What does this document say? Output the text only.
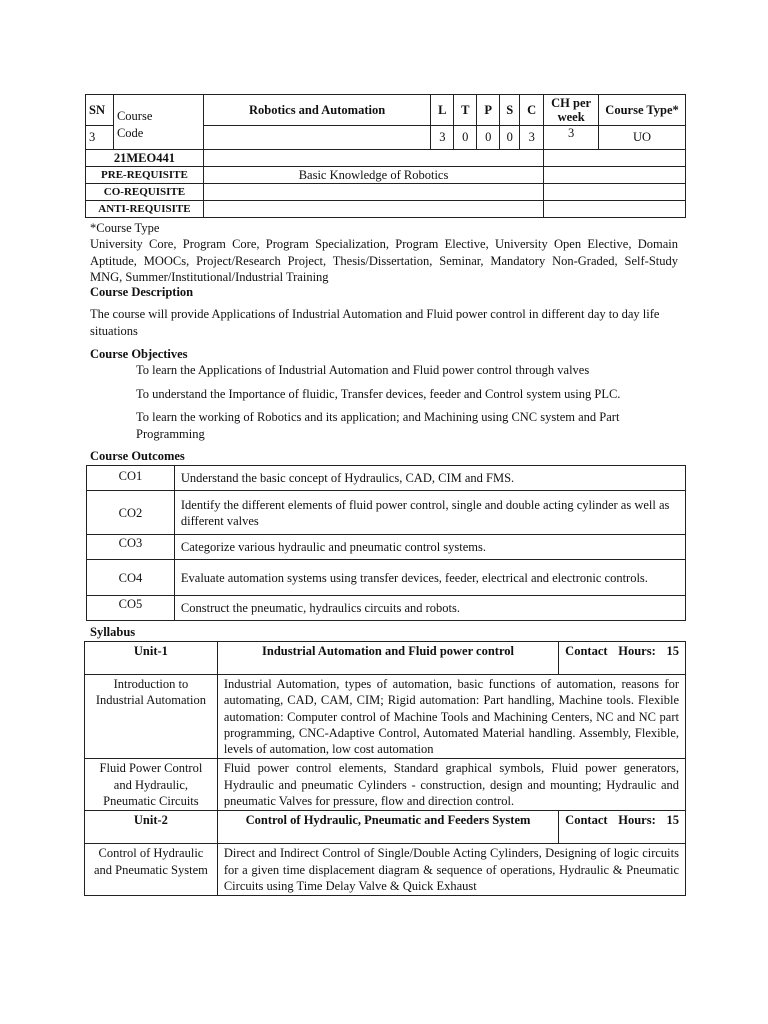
SN	Course Code	Robotics and Automation	L	T	P	S	C	CH per week	Course Type*
3			3	0	0	0	3	3	UO
21MEO441									
PRE-REQUISITE		Basic Knowledge of Robotics							
CO-REQUISITE									
ANTI-REQUISITE									
*Course Type
University Core, Program Core, Program Specialization, Program Elective, University Open Elective, Domain Aptitude, MOOCs, Project/Research Project, Thesis/Dissertation, Seminar, Mandatory Non-Graded, Self-Study MNG, Summer/Institutional/Industrial Training
Course Description
The course will provide Applications of Industrial Automation and Fluid power control in different day to day life situations
Course Objectives
To learn the Applications of Industrial Automation and Fluid power control through valves
To understand the Importance of fluidic, Transfer devices, feeder and Control system using PLC.
To learn the working of Robotics and its application; and Machining using CNC system and Part Programming
Course Outcomes
CO1	Understand the basic concept of Hydraulics, CAD, CIM and FMS.
CO2	Identify the different elements of fluid power control, single and double acting cylinder as well as different valves
CO3	Categorize various hydraulic and pneumatic control systems.
CO4	Evaluate automation systems using transfer devices, feeder, electrical and electronic controls.
CO5	Construct the pneumatic, hydraulics circuits and robots.
Syllabus
Unit-1	Industrial Automation and Fluid power control	Contact Hours: 15
Introduction to Industrial Automation	Industrial Automation, types of automation, basic functions of automation, reasons for automating, CAD, CAM, CIM; Rigid automation: Part handling, Machine tools. Flexible automation: Computer control of Machine Tools and Machining Centers, NC and NC part programming, CNC-Adaptive Control, Automated Material handling. Assembly, Flexible, levels of automation, low cost automation	
Fluid Power Control and Hydraulic, Pneumatic Circuits	Fluid power control elements, Standard graphical symbols, Fluid power generators, Hydraulic and pneumatic Cylinders - construction, design and mounting; Hydraulic and pneumatic Valves for pressure, flow and direction control.	
Unit-2	Control of Hydraulic, Pneumatic and Feeders System	Contact Hours: 15
Control of Hydraulic and Pneumatic System	Direct and Indirect Control of Single/Double Acting Cylinders, Designing of logic circuits for a given time displacement diagram & sequence of operations, Hydraulic & Pneumatic Circuits using Time Delay Valve & Quick Exhaust	
